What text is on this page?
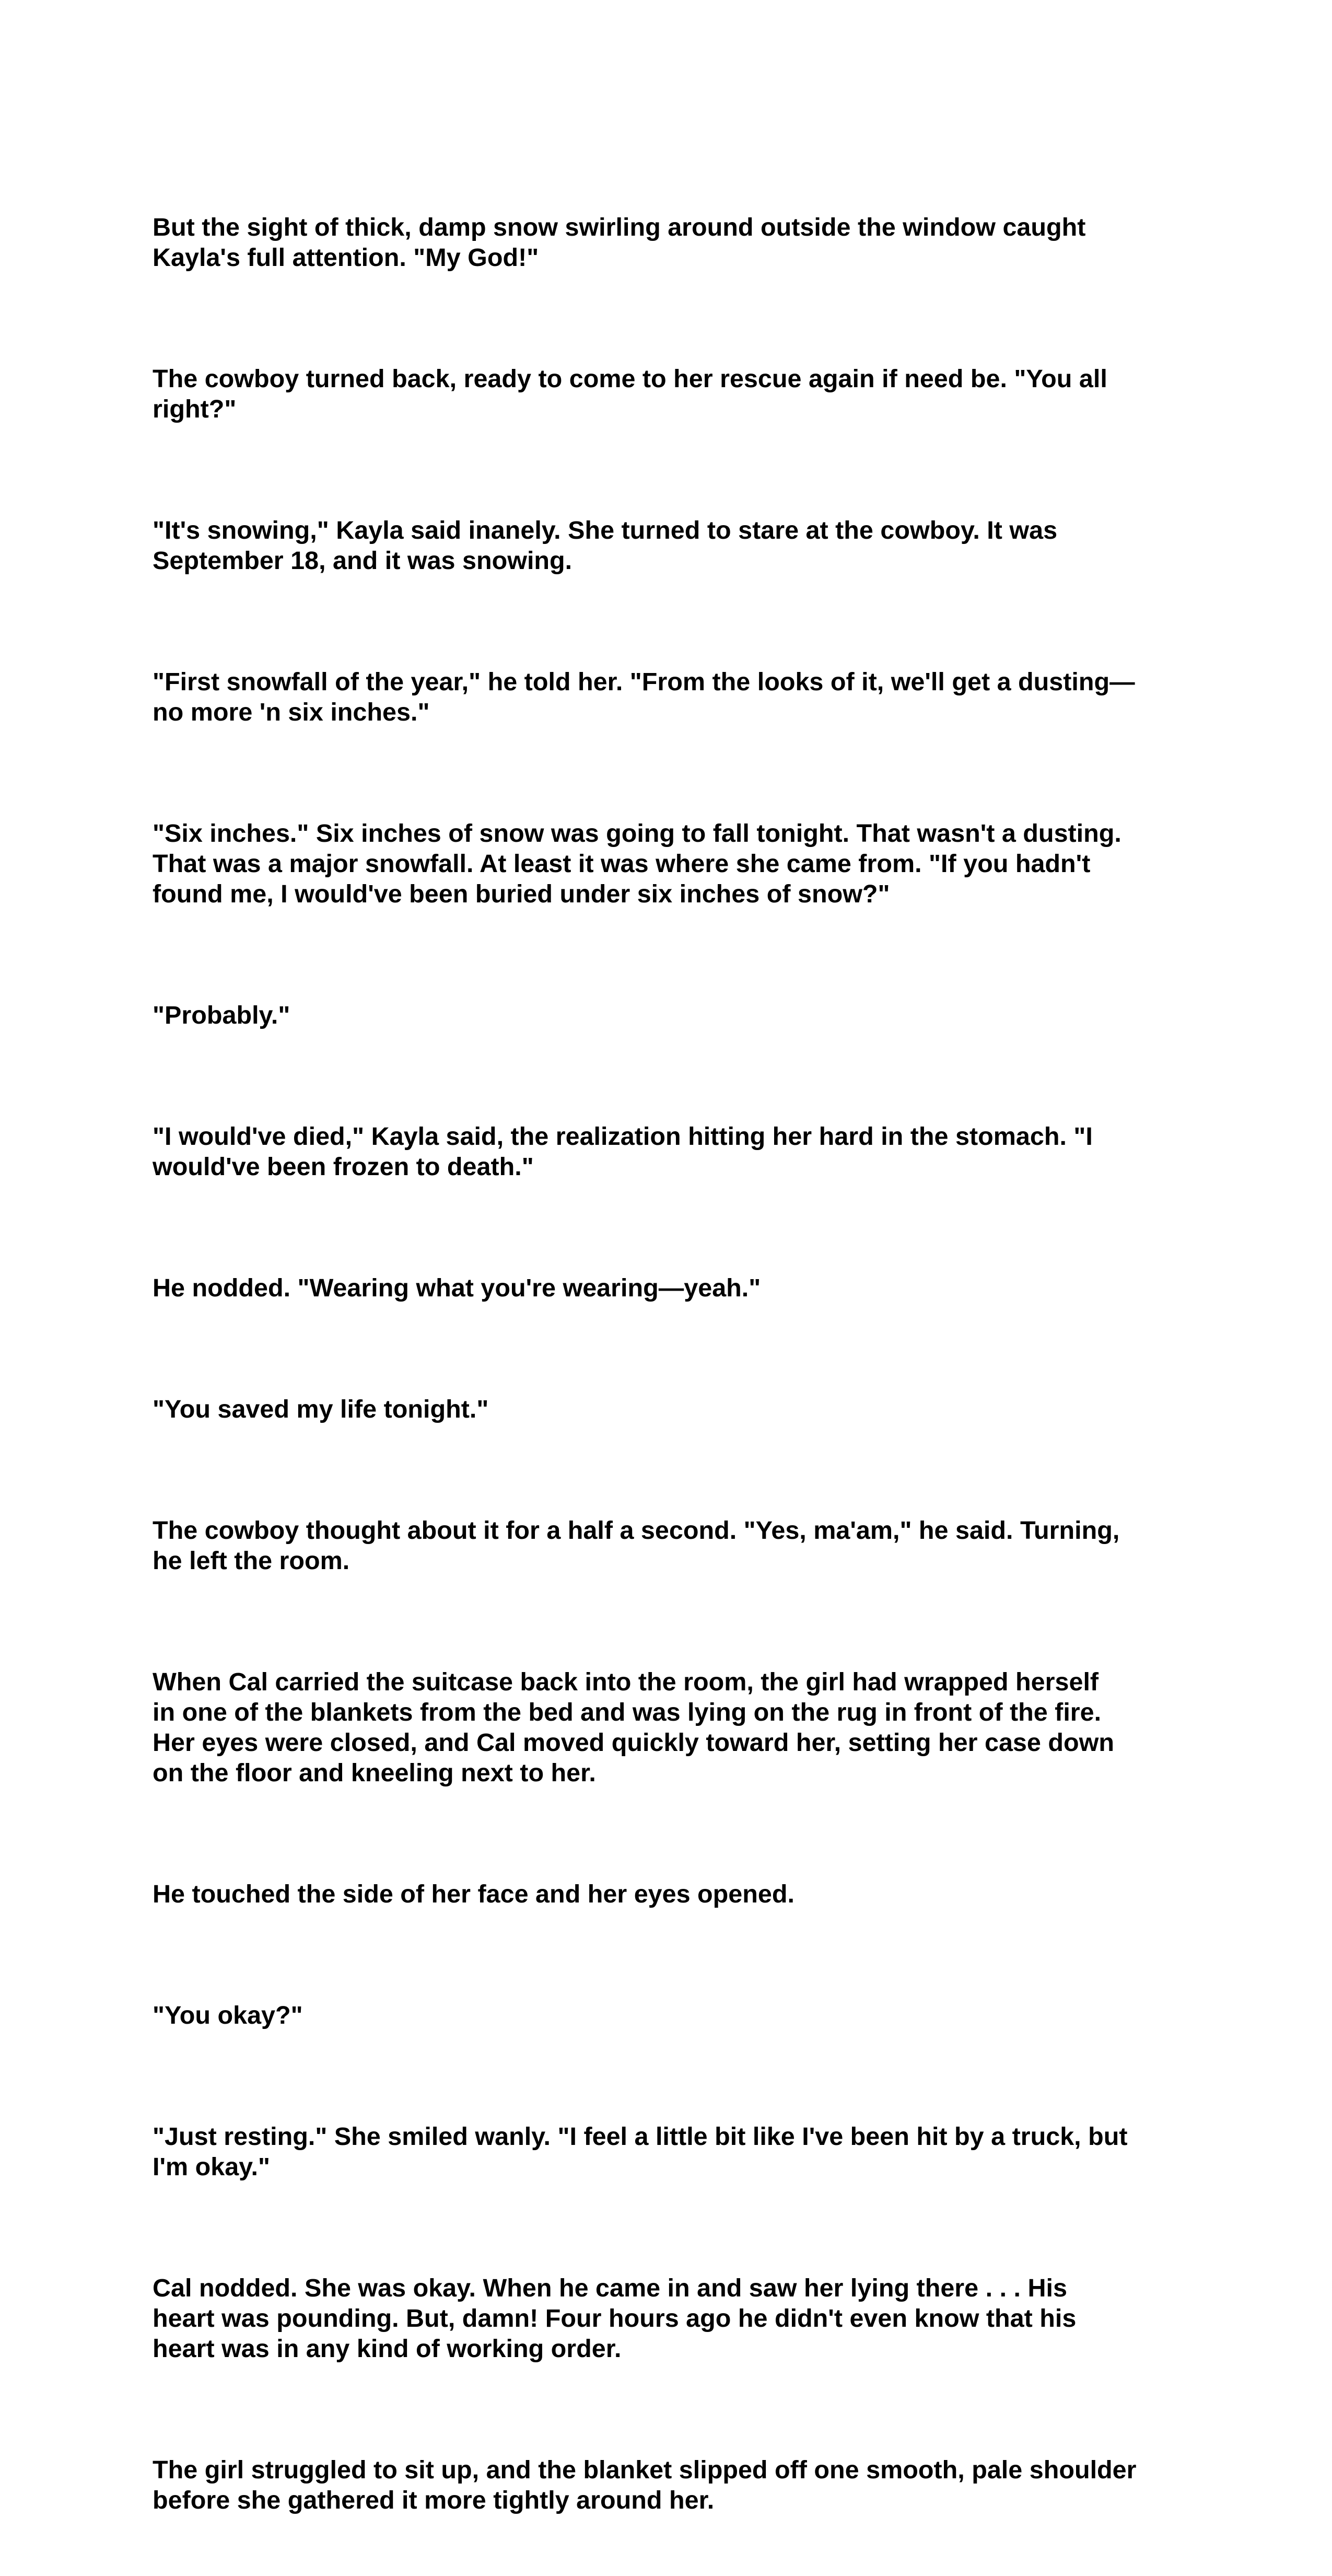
But the sight of thick, damp snow swirling around outside the window caught
Kayla's full attention. "My God!"

The cowboy turned back, ready to come to her rescue again if need be. "You all
right?"

"It's snowing," Kayla said inanely. She turned to stare at the cowboy. It was
September 18, and it was snowing.

"First snowfall of the year," he told her. "From the looks of it, we'll get a dusting—
no more 'n six inches."

"Six inches." Six inches of snow was going to fall tonight. That wasn't a dusting.
That was a major snowfall. At least it was where she came from. "If you hadn't
found me, I would've been buried under six inches of snow?"

"Probably."

"I would've died," Kayla said, the realization hitting her hard in the stomach. "I
would've been frozen to death."

He nodded. "Wearing what you're wearing—yeah."

"You saved my life tonight."

The cowboy thought about it for a half a second. "Yes, ma'am," he said. Turning,
he left the room.

When Cal carried the suitcase back into the room, the girl had wrapped herself
in one of the blankets from the bed and was lying on the rug in front of the fire.
Her eyes were closed, and Cal moved quickly toward her, setting her case down
on the floor and kneeling next to her.

He touched the side of her face and her eyes opened.

"You okay?"

"Just resting." She smiled wanly. "I feel a little bit like I've been hit by a truck, but
I'm okay."

Cal nodded. She was okay. When he came in and saw her lying there . . . His
heart was pounding. But, damn! Four hours ago he didn't even know that his
heart was in any kind of working order.

The girl struggled to sit up, and the blanket slipped off one smooth, pale shoulder
before she gathered it more tightly around her.
